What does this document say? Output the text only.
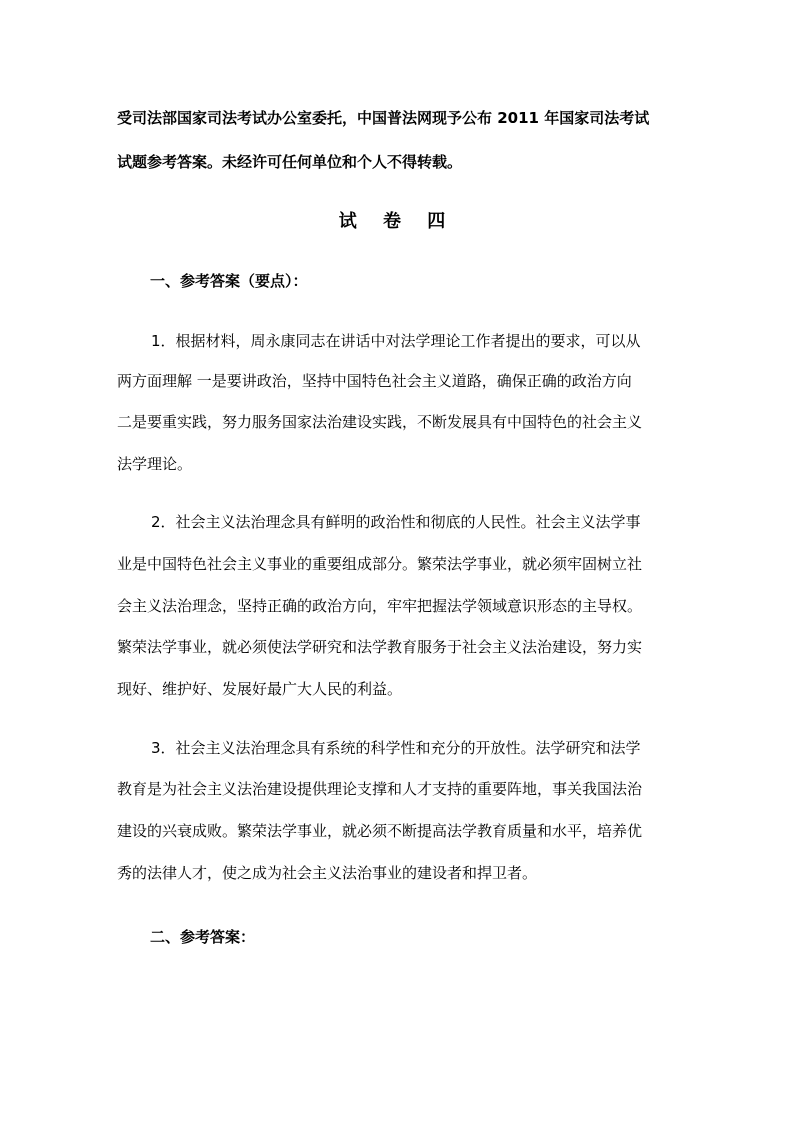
受司法部国家司法考试办公室委托，中国普法网现予公布 2011 年国家司法考试
试题参考答案。未经许可任何单位和个人不得转载。
试 卷 四
一、参考答案（要点）：
1．根据材料，周永康同志在讲话中对法学理论工作者提出的要求，可以从
两方面理解 一是要讲政治，坚持中国特色社会主义道路，确保正确的政治方向
二是要重实践，努力服务国家法治建设实践，不断发展具有中国特色的社会主义
法学理论。
2．社会主义法治理念具有鲜明的政治性和彻底的人民性。社会主义法学事
业是中国特色社会主义事业的重要组成部分。繁荣法学事业，就必须牢固树立社
会主义法治理念，坚持正确的政治方向，牢牢把握法学领域意识形态的主导权。
繁荣法学事业，就必须使法学研究和法学教育服务于社会主义法治建设，努力实
现好、维护好、发展好最广大人民的利益。
3．社会主义法治理念具有系统的科学性和充分的开放性。法学研究和法学
教育是为社会主义法治建设提供理论支撑和人才支持的重要阵地，事关我国法治
建设的兴衰成败。繁荣法学事业，就必须不断提高法学教育质量和水平，培养优
秀的法律人才，使之成为社会主义法治事业的建设者和捍卫者。
二、参考答案：
